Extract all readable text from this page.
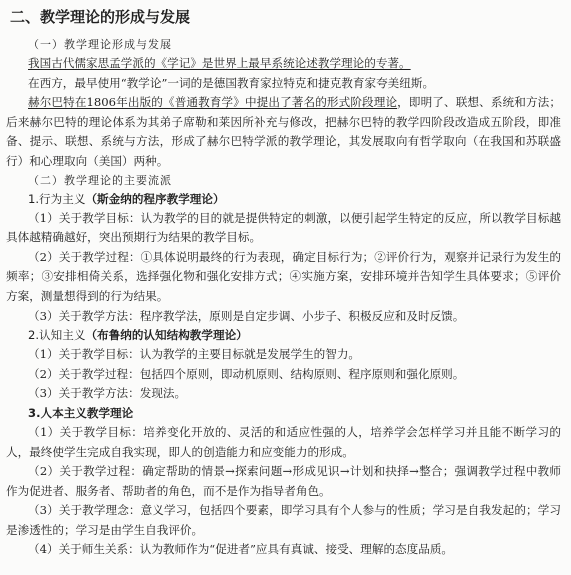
二、教学理论的形成与发展
（一）教学理论形成与发展
我国古代儒家思孟学派的《学记》是世界上最早系统论述教学理论的专著。
在西方，最早使用“教学论”一词的是德国教育家拉特克和捷克教育家夸美纽斯。
赫尔巴特在1806年出版的《普通教育学》中提出了著名的形式阶段理论，即明了、联想、系统和方法；后来赫尔巴特的理论体系为其弟子席勒和莱因所补充与修改，把赫尔巴特的教学四阶段改造成五阶段，即准备、提示、联想、系统与方法，形成了赫尔巴特学派的教学理论，其发展取向有哲学取向（在我国和苏联盛行）和心理取向（美国）两种。
（二）教学理论的主要流派
1.行为主义（斯金纳的程序教学理论）
（1）关于教学目标：认为教学的目的就是提供特定的刺激，以便引起学生特定的反应，所以教学目标越具体越精确越好，突出预期行为结果的教学目标。
（2）关于教学过程：①具体说明最终的行为表现，确定目标行为；②评价行为，观察并记录行为发生的频率；③安排相倚关系，选择强化物和强化安排方式；④实施方案，安排环境并告知学生具体要求；⑤评价方案，测量想得到的行为结果。
（3）关于教学方法：程序教学法，原则是自定步调、小步子、积极反应和及时反馈。
2.认知主义（布鲁纳的认知结构教学理论）
（1）关于教学目标：认为教学的主要目标就是发展学生的智力。
（2）关于教学过程：包括四个原则，即动机原则、结构原则、程序原则和强化原则。
（3）关于教学方法：发现法。
3.人本主义教学理论
（1）关于教学目标：培养变化开放的、灵活的和适应性强的人，培养学会怎样学习并且能不断学习的人，最终使学生完成自我实现，即人的创造能力和应变能力的形成。
（2）关于教学过程：确定帮助的情景→探索问题→形成见识→计划和抉择→整合；强调教学过程中教师作为促进者、服务者、帮助者的角色，而不是作为指导者角色。
（3）关于教学理念：意义学习，包括四个要素，即学习具有个人参与的性质；学习是自我发起的；学习是渗透性的；学习是由学生自我评价。
（4）关于师生关系：认为教师作为“促进者”应具有真诚、接受、理解的态度品质。
